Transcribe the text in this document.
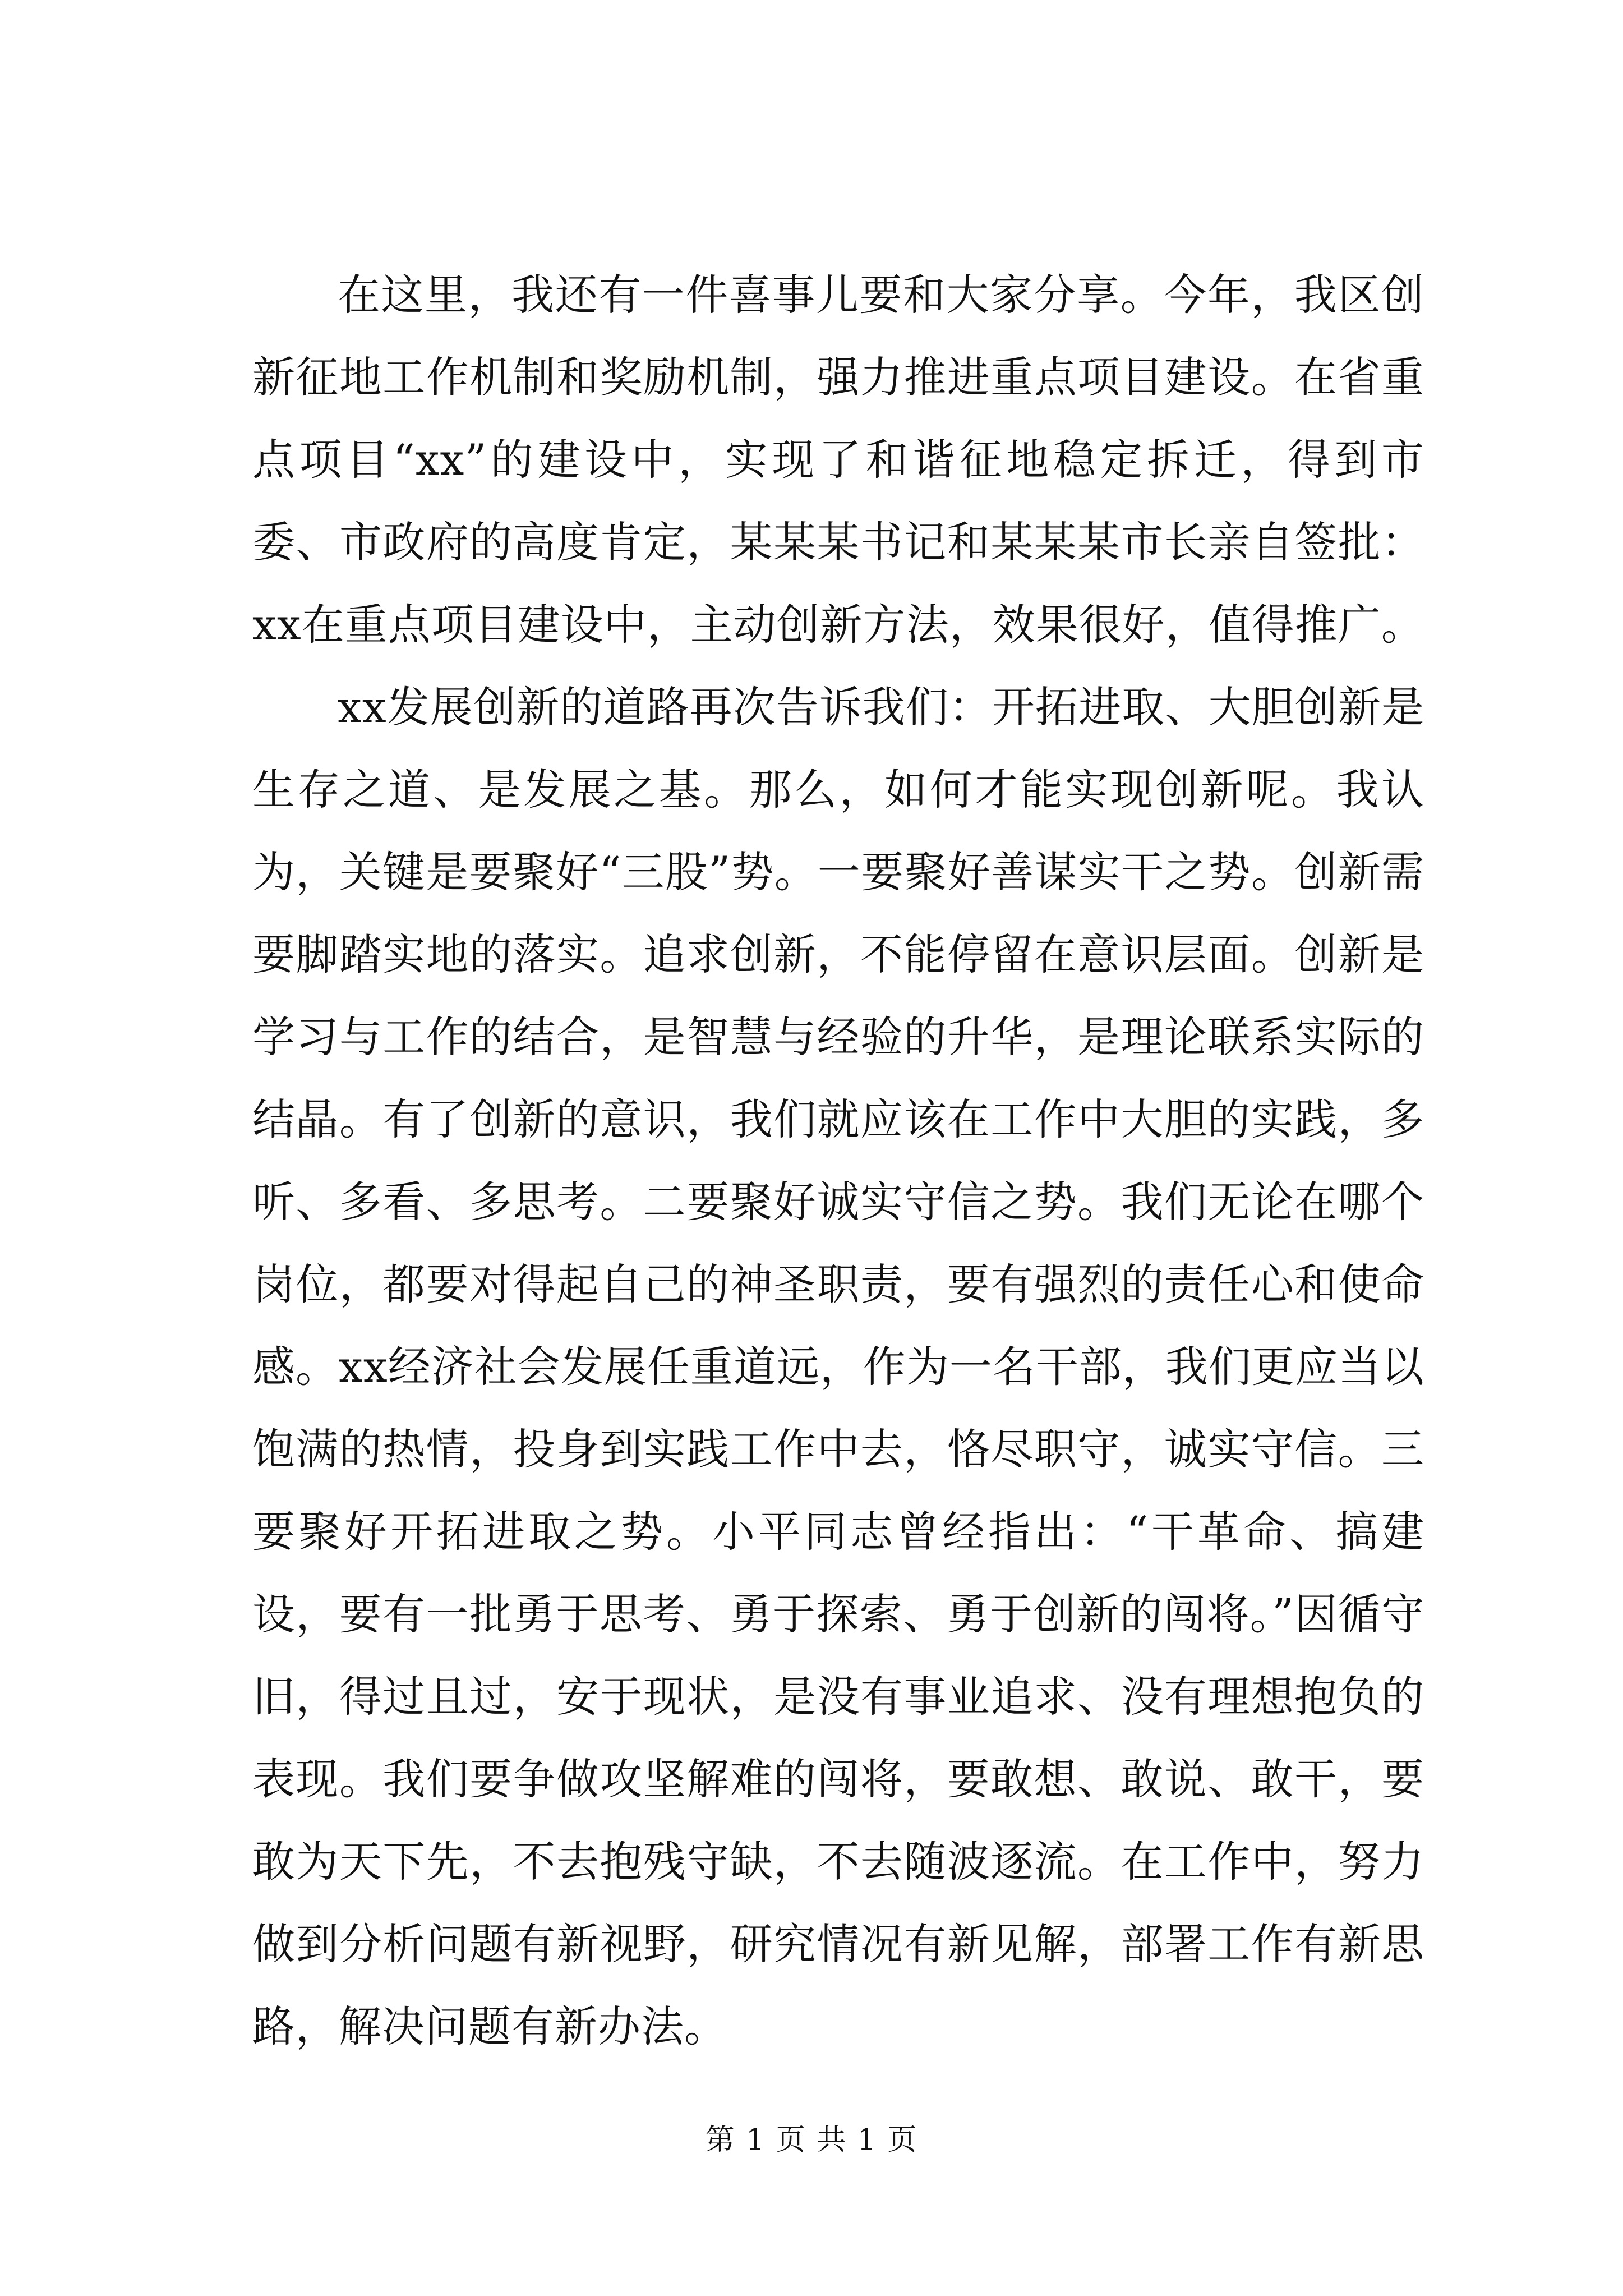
在这里，我还有一件喜事儿要和大家分享。今年，我区创新征地工作机制和奖励机制，强力推进重点项目建设。在省重点项目“xx”的建设中，实现了和谐征地稳定拆迁，得到市委、市政府的高度肯定，某某某书记和某某某市长亲自签批：xx在重点项目建设中，主动创新方法，效果很好，值得推广。

xx发展创新的道路再次告诉我们：开拓进取、大胆创新是生存之道、是发展之基。那么，如何才能实现创新呢。我认为，关键是要聚好“三股”势。一要聚好善谋实干之势。创新需要脚踏实地的落实。追求创新，不能停留在意识层面。创新是学习与工作的结合，是智慧与经验的升华，是理论联系实际的结晶。有了创新的意识，我们就应该在工作中大胆的实践，多听、多看、多思考。二要聚好诚实守信之势。我们无论在哪个岗位，都要对得起自己的神圣职责，要有强烈的责任心和使命感。xx经济社会发展任重道远，作为一名干部，我们更应当以饱满的热情，投身到实践工作中去，恪尽职守，诚实守信。三要聚好开拓进取之势。小平同志曾经指出：“干革命、搞建设，要有一批勇于思考、勇于探索、勇于创新的闯将。”因循守旧，得过且过，安于现状，是没有事业追求、没有理想抱负的表现。我们要争做攻坚解难的闯将，要敢想、敢说、敢干，要敢为天下先，不去抱残守缺，不去随波逐流。在工作中，努力做到分析问题有新视野，研究情况有新见解，部署工作有新思路，解决问题有新办法。

第 1 页 共 1 页
